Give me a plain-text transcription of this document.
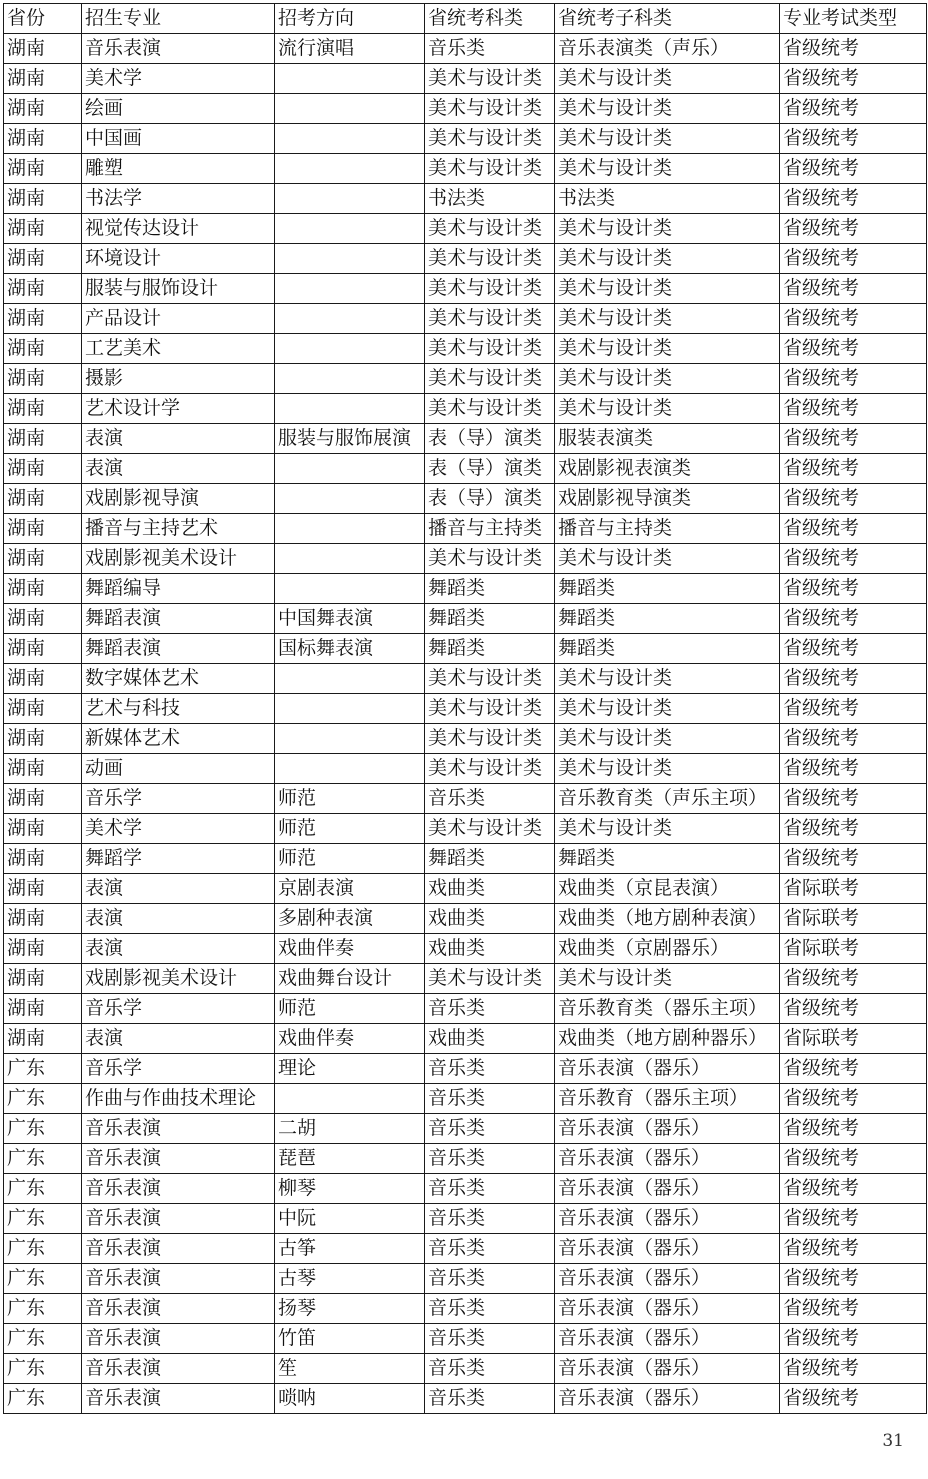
省份	招生专业	招考方向	省统考科类	省统考子科类	专业考试类型
湖南	音乐表演	流行演唱	音乐类	音乐表演类（声乐）	省级统考
湖南	美术学		美术与设计类	美术与设计类	省级统考
湖南	绘画		美术与设计类	美术与设计类	省级统考
湖南	中国画		美术与设计类	美术与设计类	省级统考
湖南	雕塑		美术与设计类	美术与设计类	省级统考
湖南	书法学		书法类	书法类	省级统考
湖南	视觉传达设计		美术与设计类	美术与设计类	省级统考
湖南	环境设计		美术与设计类	美术与设计类	省级统考
湖南	服装与服饰设计		美术与设计类	美术与设计类	省级统考
湖南	产品设计		美术与设计类	美术与设计类	省级统考
湖南	工艺美术		美术与设计类	美术与设计类	省级统考
湖南	摄影		美术与设计类	美术与设计类	省级统考
湖南	艺术设计学		美术与设计类	美术与设计类	省级统考
湖南	表演	服装与服饰展演	表（导）演类	服装表演类	省级统考
湖南	表演		表（导）演类	戏剧影视表演类	省级统考
湖南	戏剧影视导演		表（导）演类	戏剧影视导演类	省级统考
湖南	播音与主持艺术		播音与主持类	播音与主持类	省级统考
湖南	戏剧影视美术设计		美术与设计类	美术与设计类	省级统考
湖南	舞蹈编导		舞蹈类	舞蹈类	省级统考
湖南	舞蹈表演	中国舞表演	舞蹈类	舞蹈类	省级统考
湖南	舞蹈表演	国标舞表演	舞蹈类	舞蹈类	省级统考
湖南	数字媒体艺术		美术与设计类	美术与设计类	省级统考
湖南	艺术与科技		美术与设计类	美术与设计类	省级统考
湖南	新媒体艺术		美术与设计类	美术与设计类	省级统考
湖南	动画		美术与设计类	美术与设计类	省级统考
湖南	音乐学	师范	音乐类	音乐教育类（声乐主项）	省级统考
湖南	美术学	师范	美术与设计类	美术与设计类	省级统考
湖南	舞蹈学	师范	舞蹈类	舞蹈类	省级统考
湖南	表演	京剧表演	戏曲类	戏曲类（京昆表演）	省际联考
湖南	表演	多剧种表演	戏曲类	戏曲类（地方剧种表演）	省际联考
湖南	表演	戏曲伴奏	戏曲类	戏曲类（京剧器乐）	省际联考
湖南	戏剧影视美术设计	戏曲舞台设计	美术与设计类	美术与设计类	省级统考
湖南	音乐学	师范	音乐类	音乐教育类（器乐主项）	省级统考
湖南	表演	戏曲伴奏	戏曲类	戏曲类（地方剧种器乐）	省际联考
广东	音乐学	理论	音乐类	音乐表演（器乐）	省级统考
广东	作曲与作曲技术理论		音乐类	音乐教育（器乐主项）	省级统考
广东	音乐表演	二胡	音乐类	音乐表演（器乐）	省级统考
广东	音乐表演	琵琶	音乐类	音乐表演（器乐）	省级统考
广东	音乐表演	柳琴	音乐类	音乐表演（器乐）	省级统考
广东	音乐表演	中阮	音乐类	音乐表演（器乐）	省级统考
广东	音乐表演	古筝	音乐类	音乐表演（器乐）	省级统考
广东	音乐表演	古琴	音乐类	音乐表演（器乐）	省级统考
广东	音乐表演	扬琴	音乐类	音乐表演（器乐）	省级统考
广东	音乐表演	竹笛	音乐类	音乐表演（器乐）	省级统考
广东	音乐表演	笙	音乐类	音乐表演（器乐）	省级统考
广东	音乐表演	唢呐	音乐类	音乐表演（器乐）	省级统考
31
